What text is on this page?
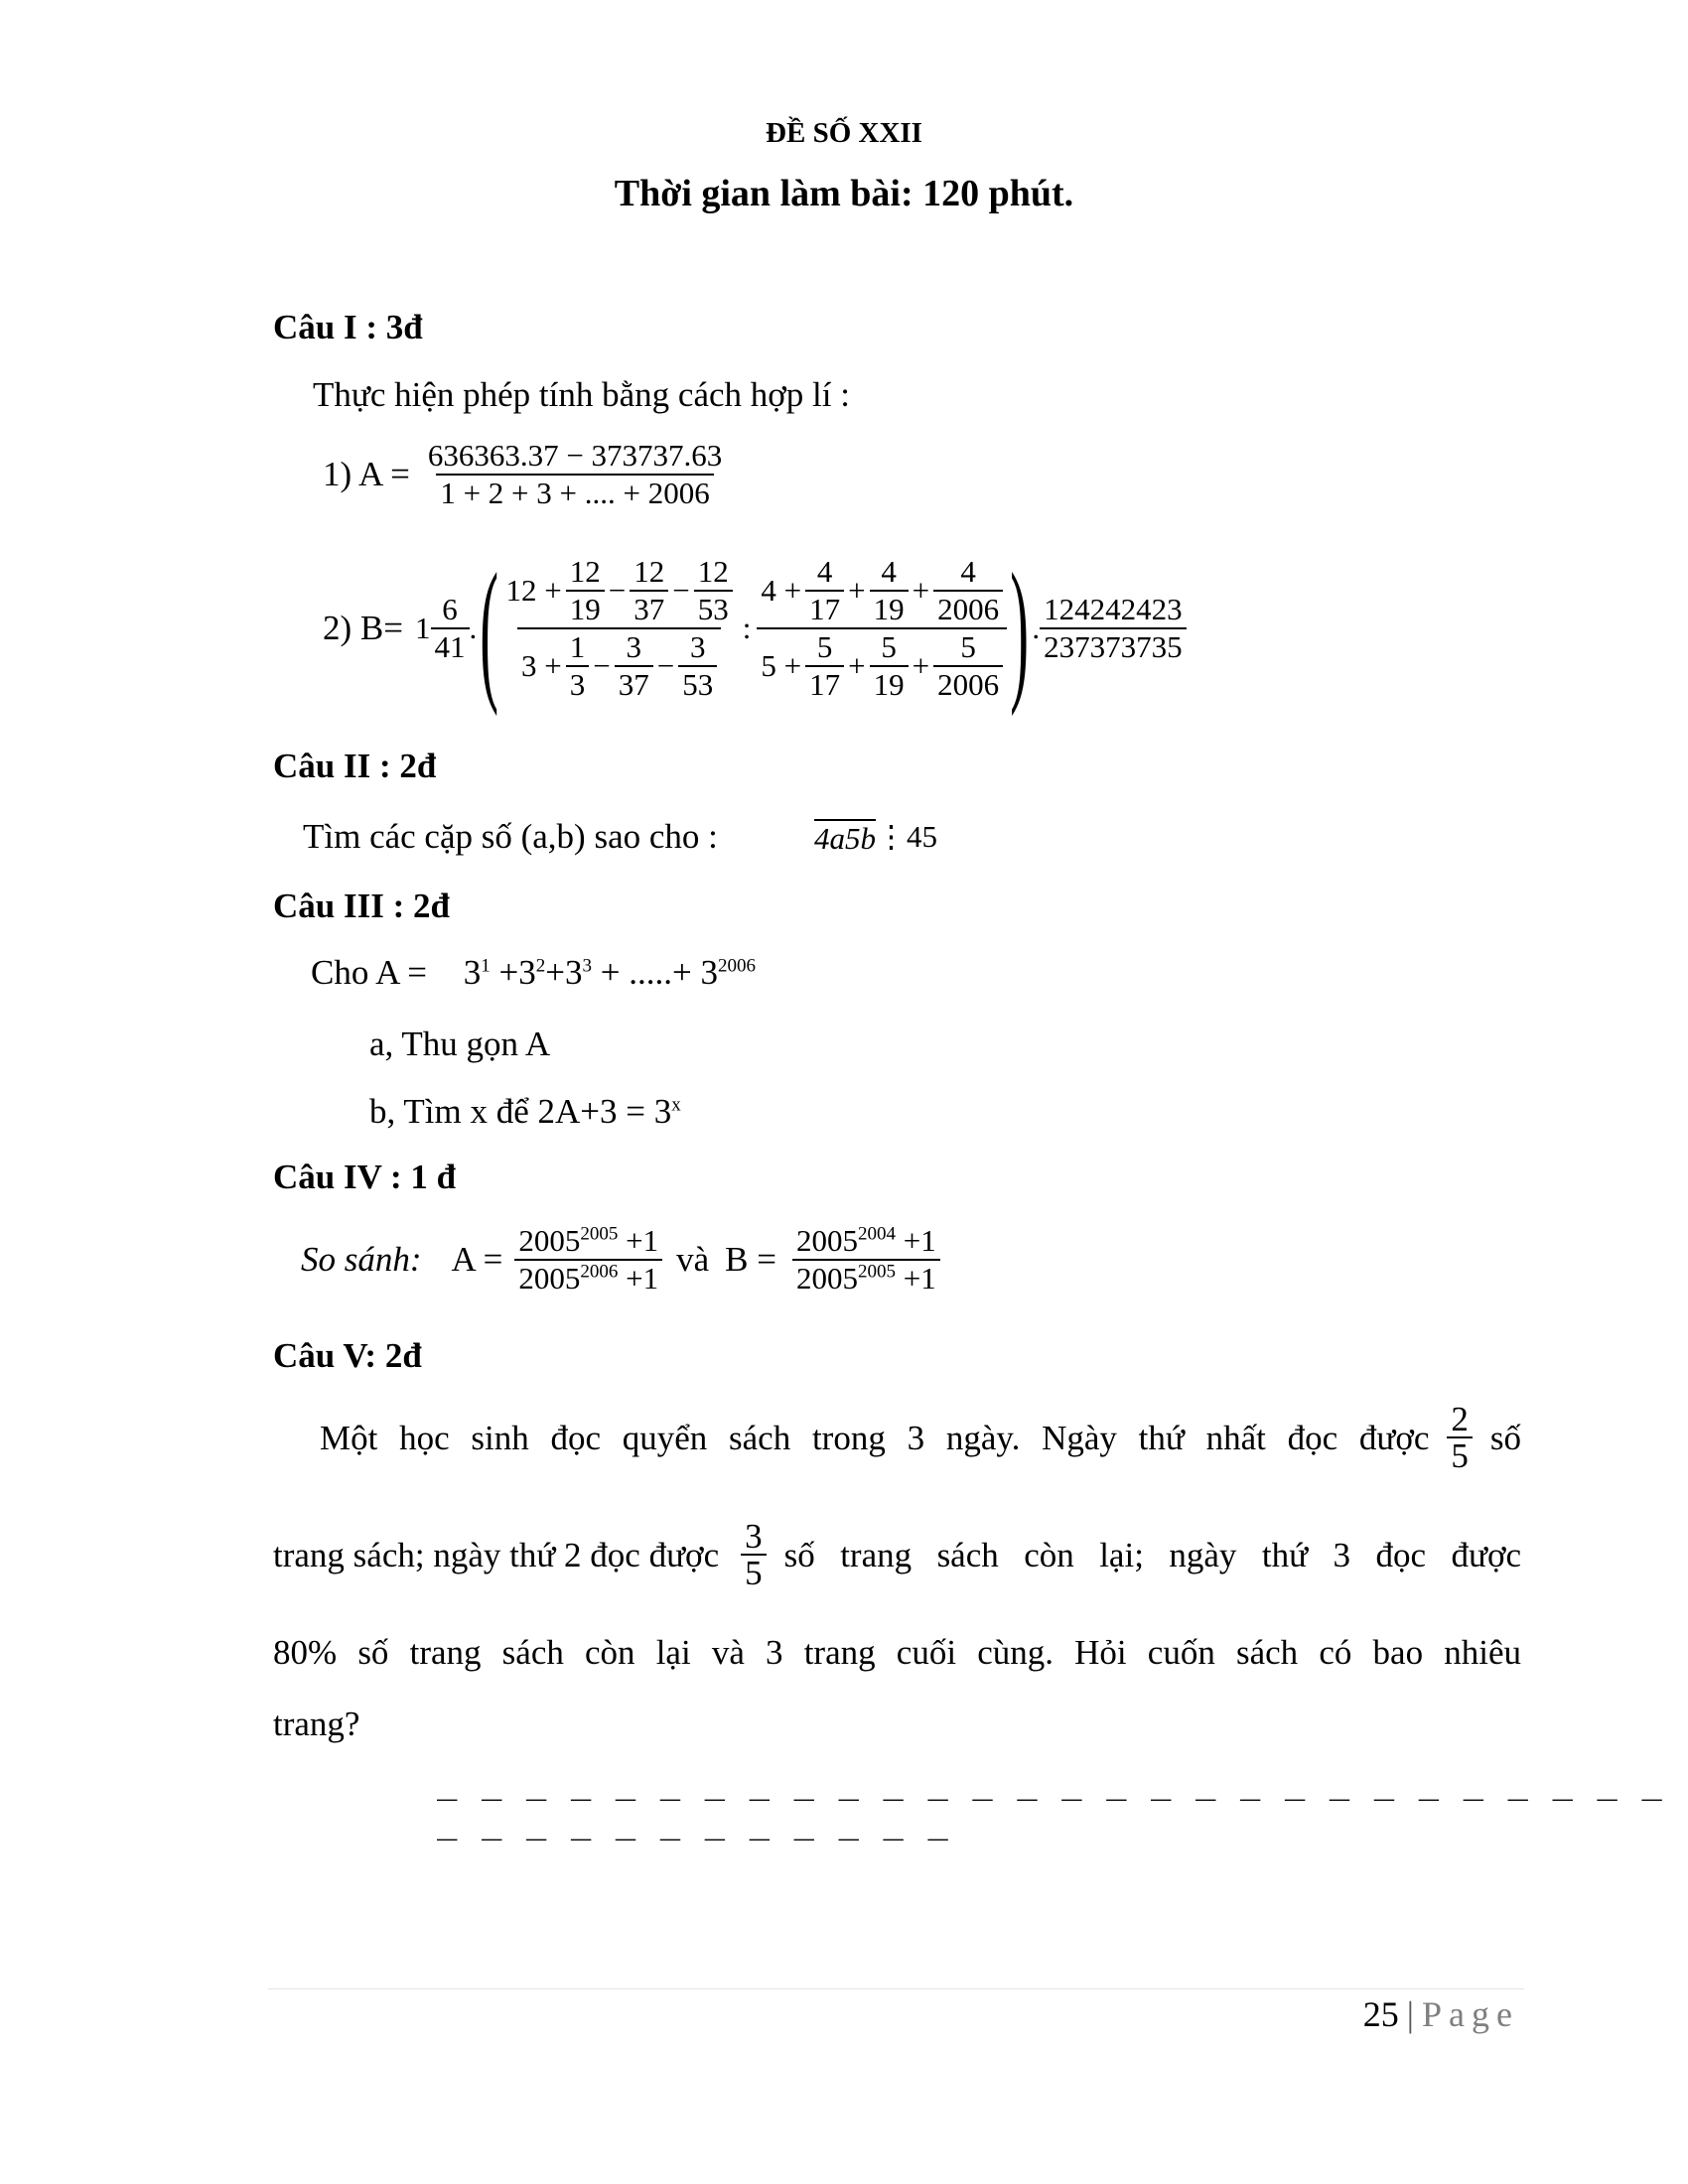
ĐỀ SỐ XXII
Thời gian làm bài: 120 phút.
Câu I : 3đ
Thực hiện phép tính bằng cách hợp lí :
1) $A = \frac{636363.37 - 373737.63}{1 + 2 + 3 + .... + 2006}$
2) $B= 1 \frac{6}{41}$ . ( $\frac{12 + \frac{12}{19} - \frac{12}{37} - \frac{12}{53}}{3 + \frac{1}{3} - \frac{3}{37} - \frac{3}{53}}$ : $\frac{4 + \frac{4}{17} + \frac{4}{19} + \frac{4}{2006}}{5 + \frac{5}{17} + \frac{5}{19} + \frac{5}{2006}}$ ) . $\frac{124242423}{237373735}$
Câu II : 2đ
Tìm các cặp số (a,b) sao cho :	4a5b ⋮45
Câu III : 2đ
Cho $A = 3^1 +3^2+3^3$ + .....+ $3^{2006}$
a, Thu gọn A
b, Tìm x để $2A+3 = 3^x$
Câu IV : 1 đ
So sánh: $A = \frac{2005^{2005} +1}{2005^{2006} +1}$ và $B = \frac{2005^{2004} +1}{2005^{2005} +1}$
Câu V: 2đ
Một học sinh đọc quyển sách trong 3 ngày. Ngày thứ nhất đọc được $\frac{2}{5}$ số
trang sách; ngày thứ 2 đọc được $\frac{3}{5}$ số trang sách còn lại; ngày thứ 3 đọc được
80% số trang sách còn lại và 3 trang cuối cùng. Hỏi cuốn sách có bao nhiêu
trang?
_ _ _ _ _ _ _ _ _ _ _ _ _ _ _ _ _ _ _ _ _ _ _ _ _ _ _ _ _ _ _ _ _ _ _ _ _ _ _ _
25 | Page
